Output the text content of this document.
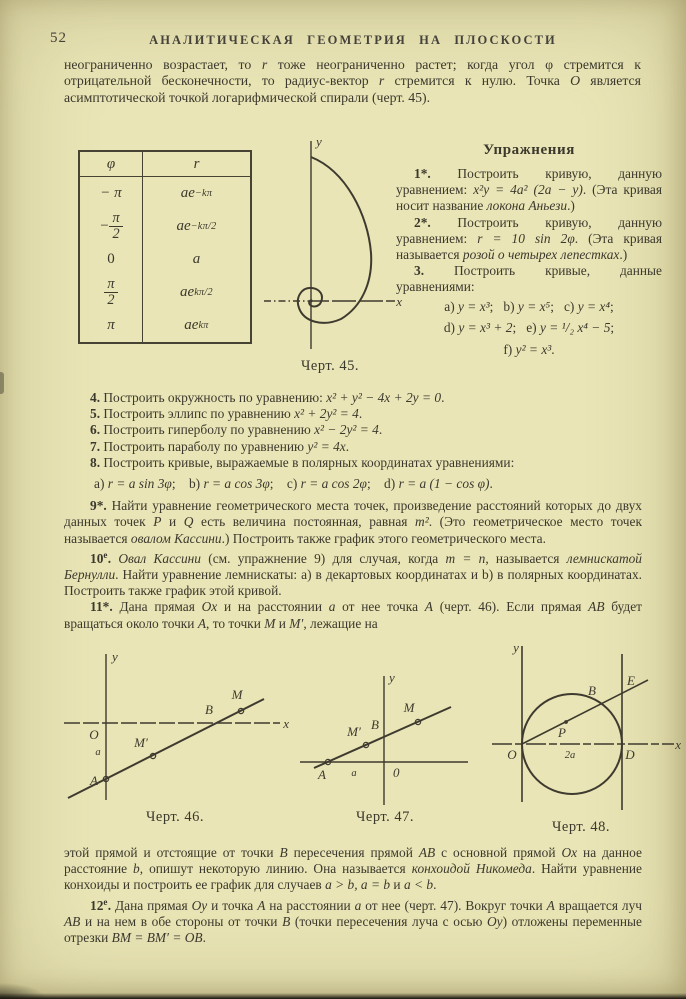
52	АНАЛИТИЧЕСКАЯ ГЕОМЕТРИЯ НА ПЛОСКОСТИ

неограниченно возрастает, то r тоже неограниченно растет; когда угол φ стремится к отрицательной бесконечности, то радиус-вектор r стремится к нулю. Точка O является асимптотической точкой логарифмической спирали (черт. 45).

φ	r
− π	ae −kπ
− $\frac{\pi}{2}$	ae −kπ/2
0	a
$\frac{\pi}{2}$	ae kπ/2
π	ae kπ
y
x
Черт. 45.
Упражнения

1*. Построить кривую, данную уравнением: x²y = 4a² (2a − y). (Эта кривая носит название локона Аньези.)

2*. Построить кривую, данную уравнением: r = 10 sin 2φ. (Эта кривая называется розой о четырех лепестках.)

3. Построить кривые, данные уравнениями:

a) y = x³;   b) y = x⁵;   c) y = x⁴;

d) y = x³ + 2;   e) y = ¹/₂ x⁴ − 5;

f) y² = x³.

4. Построить окружность по уравнению: x² + y² − 4x + 2y = 0.

5. Построить эллипс по уравнению x² + 2y² = 4.

6. Построить гиперболу по уравнению x² − 2y² = 4.

7. Построить параболу по уравнению y² = 4x.

8. Построить кривые, выражаемые в полярных координатах уравнениями:

a) r = a sin 3φ;    b) r = a cos 3φ;    c) r = a cos 2φ;    d) r = a (1 − cos φ).

9*. Найти уравнение геометрического места точек, произведение расстояний которых до двух данных точек P и Q есть величина постоянная, равная m². (Это геометрическое место точек называется овалом Кассини.) Построить также график этого геометрического места.

$10^е$. Овал Кассини (см. упражнение 9) для случая, когда m = n, называется лемнискатой Бернулли. Найти уравнение лемнискаты: a) в декартовых координатах и b) в полярных координатах. Построить также график этой кривой.

11*. Дана прямая Ox и на расстоянии a от нее точка A (черт. 46). Если прямая AB будет вращаться около точки A, то точки M и M′, лежащие на

y
x
O
B
M
M′
A
a
Черт. 46.
y
0
A a
M′ B
M
Черт. 47.
y
x
O	D
2a
B
E
P
Черт. 48.

этой прямой и отстоящие от точки B пересечения прямой AB с основной прямой Ox на данное расстояние b, опишут некоторую линию. Она называется конхоидой Никомеда. Найти уравнение конхоиды и построить ее график для случаев a > b, a = b и a < b.

$12^е$. Дана прямая Oy и точка A на расстоянии a от нее (черт. 47). Вокруг точки A вращается луч AB и на нем в обе стороны от точки B (точки пересечения луча с осью Oy) отложены переменные отрезки BM = BM′ = OB.
